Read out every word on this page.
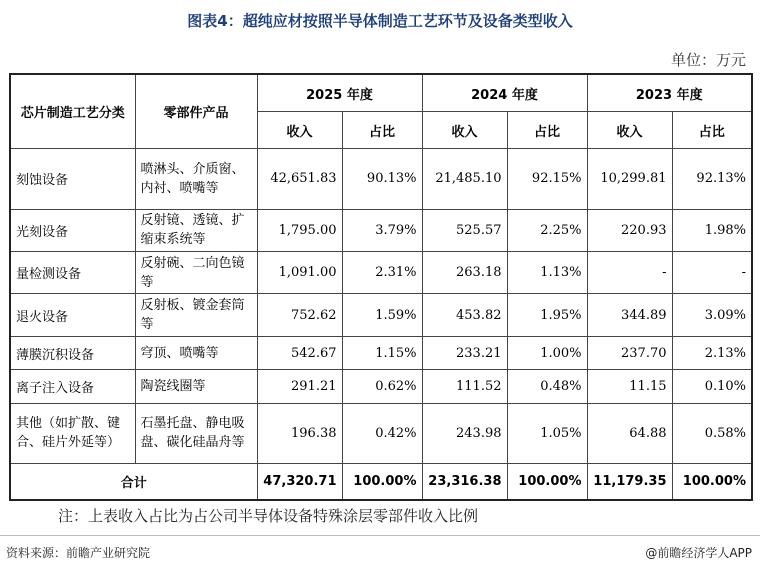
图表4：超纯应材按照半导体制造工艺环节及设备类型收入
单位：万元
芯片制造工艺分类	零部件产品	2025 年度		2024 年度		2023 年度	
		收入	占比	收入	占比	收入	占比
刻蚀设备	喷淋头、介质窗、内衬、喷嘴等	42,651.83	90.13%	21,485.10	92.15%	10,299.81	92.13%
光刻设备	反射镜、透镜、扩缩束系统等	1,795.00	3.79%	525.57	2.25%	220.93	1.98%
量检测设备	反射碗、二向色镜等	1,091.00	2.31%	263.18	1.13%	-	-
退火设备	反射板、镀金套筒等	752.62	1.59%	453.82	1.95%	344.89	3.09%
薄膜沉积设备	穹顶、喷嘴等	542.67	1.15%	233.21	1.00%	237.70	2.13%
离子注入设备	陶瓷线圈等	291.21	0.62%	111.52	0.48%	11.15	0.10%
其他（如扩散、键合、硅片外延等）	石墨托盘、静电吸盘、碳化硅晶舟等	196.38	0.42%	243.98	1.05%	64.88	0.58%
合计		47,320.71	100.00%	23,316.38	100.00%	11,179.35	100.00%
注：上表收入占比为占公司半导体设备特殊涂层零部件收入比例
资料来源：前瞻产业研究院	@前瞻经济学人APP
